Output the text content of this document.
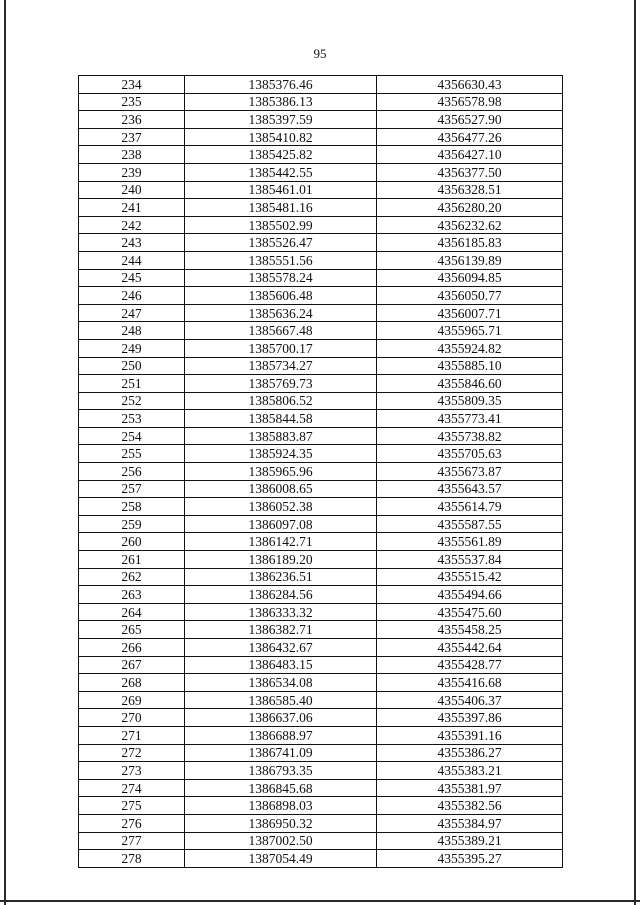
95
234	1385376.46	4356630.43
235	1385386.13	4356578.98
236	1385397.59	4356527.90
237	1385410.82	4356477.26
238	1385425.82	4356427.10
239	1385442.55	4356377.50
240	1385461.01	4356328.51
241	1385481.16	4356280.20
242	1385502.99	4356232.62
243	1385526.47	4356185.83
244	1385551.56	4356139.89
245	1385578.24	4356094.85
246	1385606.48	4356050.77
247	1385636.24	4356007.71
248	1385667.48	4355965.71
249	1385700.17	4355924.82
250	1385734.27	4355885.10
251	1385769.73	4355846.60
252	1385806.52	4355809.35
253	1385844.58	4355773.41
254	1385883.87	4355738.82
255	1385924.35	4355705.63
256	1385965.96	4355673.87
257	1386008.65	4355643.57
258	1386052.38	4355614.79
259	1386097.08	4355587.55
260	1386142.71	4355561.89
261	1386189.20	4355537.84
262	1386236.51	4355515.42
263	1386284.56	4355494.66
264	1386333.32	4355475.60
265	1386382.71	4355458.25
266	1386432.67	4355442.64
267	1386483.15	4355428.77
268	1386534.08	4355416.68
269	1386585.40	4355406.37
270	1386637.06	4355397.86
271	1386688.97	4355391.16
272	1386741.09	4355386.27
273	1386793.35	4355383.21
274	1386845.68	4355381.97
275	1386898.03	4355382.56
276	1386950.32	4355384.97
277	1387002.50	4355389.21
278	1387054.49	4355395.27
